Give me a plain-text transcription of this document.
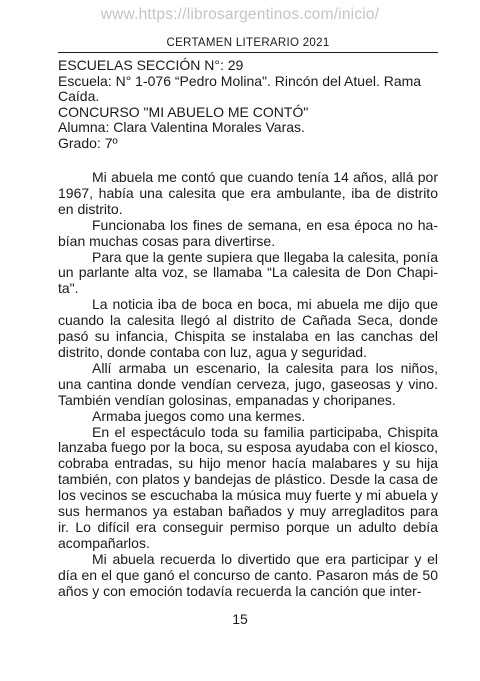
www.https://librosargentinos.com/inicio/
CERTAMEN LITERARIO 2021
ESCUELAS SECCIÓN N°: 29
Escuela: N° 1-076 “Pedro Molina". Rincón del Atuel. Rama Caída.
CONCURSO "MI ABUELO ME CONTÓ"
Alumna: Clara Valentina Morales Varas.
Grado: 7º

Mi abuela me contó que cuando tenía 14 años, allá por 1967, había una calesita que era ambulante, iba de distrito en distrito.

Funcionaba los fines de semana, en esa época no ha-bían muchas cosas para divertirse.

Para que la gente supiera que llegaba la calesita, ponía un parlante alta voz, se llamaba “La calesita de Don Chapi-ta".

La noticia iba de boca en boca, mi abuela me dijo que cuando la calesita llegó al distrito de Cañada Seca, donde pasó su infancia, Chispita se instalaba en las canchas del distrito, donde contaba con luz, agua y seguridad.

Allí armaba un escenario, la calesita para los niños, una cantina donde vendían cerveza, jugo, gaseosas y vino. También vendían golosinas, empanadas y choripanes.

Armaba juegos como una kermes.

En el espectáculo toda su familia participaba, Chispita lanzaba fuego por la boca, su esposa ayudaba con el kiosco, cobraba entradas, su hijo menor hacía malabares y su hija también, con platos y bandejas de plástico. Desde la casa de los vecinos se escuchaba la música muy fuerte y mi abuela y sus hermanos ya estaban bañados y muy arregladitos para ir. Lo difícil era conseguir permiso porque un adulto debía acompañarlos.

Mi abuela recuerda lo divertido que era participar y el día en el que ganó el concurso de canto. Pasaron más de 50 años y con emoción todavía recuerda la canción que inter-

15
